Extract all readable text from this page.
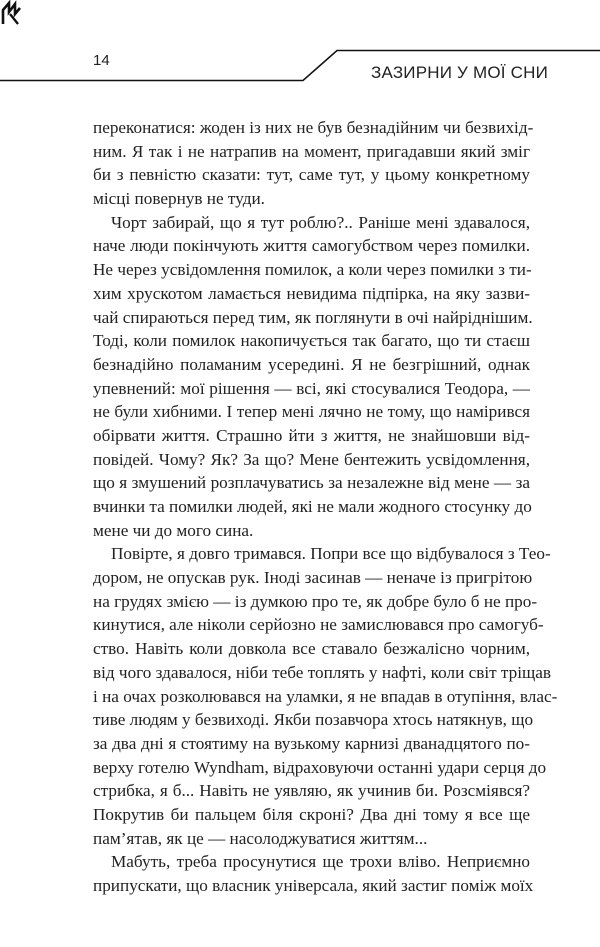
14
ЗАЗИРНИ У МОЇ СНИ
переконатися: жоден із них не був безнадійним чи безвихід-
ним. Я так і не натрапив на момент, пригадавши який зміг
би з певністю сказати: тут, саме тут, у цьому конкретному
місці повернув не туди.
Чорт забирай, що я тут роблю?.. Раніше мені здавалося,
наче люди покінчують життя самогубством через помилки.
Не через усвідомлення помилок, а коли через помилки з ти-
хим хрускотом ламається невидима підпірка, на яку зазви-
чай спираються перед тим, як поглянути в очі найріднішим.
Тоді, коли помилок накопичується так багато, що ти стаєш
безнадійно поламаним усередині. Я не безгрішний, однак
упевнений: мої рішення — всі, які стосувалися Теодора, —
не були хибними. І тепер мені лячно не тому, що намірився
обірвати життя. Страшно йти з життя, не знайшовши від-
повідей. Чому? Як? За що? Мене бентежить усвідомлення,
що я змушений розплачуватись за незалежне від мене — за
вчинки та помилки людей, які не мали жодного стосунку до
мене чи до мого сина.
Повірте, я довго тримався. Попри все що відбувалося з Тео-
дором, не опускав рук. Іноді засинав — неначе із пригрітою
на грудях змією — із думкою про те, як добре було б не про-
кинутися, але ніколи серйозно не замислювався про самогуб-
ство. Навіть коли довкола все ставало безжалісно чорним,
від чого здавалося, ніби тебе топлять у нафті, коли світ тріщав
і на очах розколювався на уламки, я не впадав в отупіння, влас-
тиве людям у безвиході. Якби позавчора хтось натякнув, що
за два дні я стоятиму на вузькому карнизі дванадцятого по-
верху готелю Wyndham, відраховуючи останні удари серця до
стрибка, я б... Навіть не уявляю, як учинив би. Розсміявся?
Покрутив би пальцем біля скроні? Два дні тому я все ще
пам’ятав, як це — насолоджуватися життям...
Мабуть, треба просунутися ще трохи вліво. Неприємно
припускати, що власник універсала, який застиг поміж моїх
